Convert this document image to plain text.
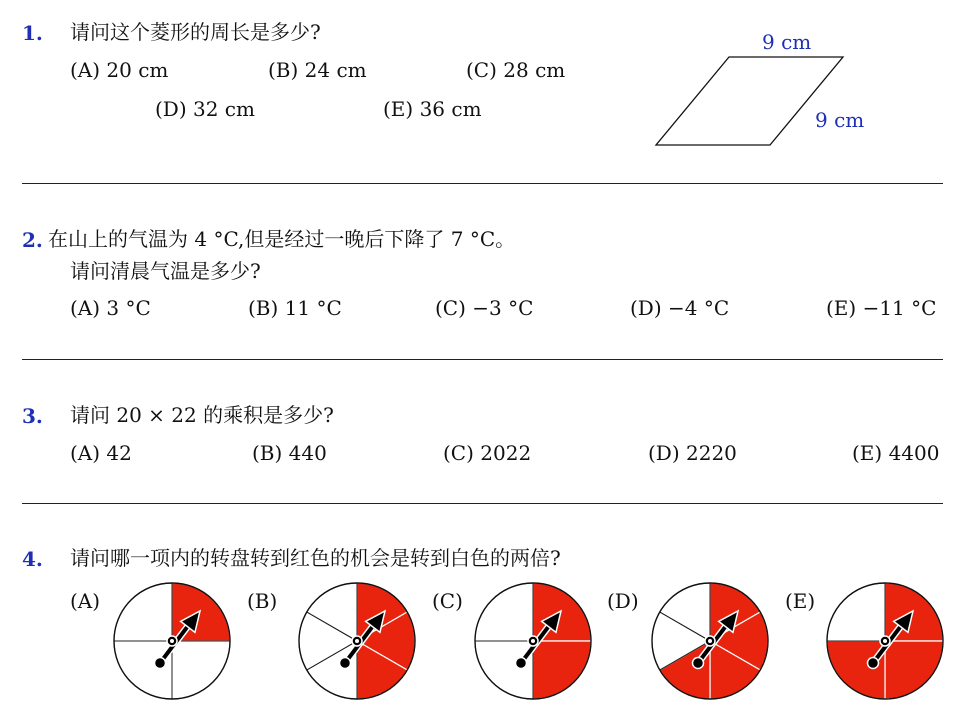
1. 请问这个菱形的周长是多少?
(A) 20 cm	(B) 24 cm	(C) 28 cm
(D) 32 cm	(E) 36 cm
9 cm
9 cm
2. 在山上的气温为 4 °C,但是经过一晚后下降了 7 °C。
请问清晨气温是多少?
(A) 3 °C	(B) 11 °C	(C) −3 °C	(D) −4 °C	(E) −11 °C
3. 请问 20 × 22 的乘积是多少?
(A) 42	(B) 440	(C) 2022	(D) 2220	(E) 4400
4. 请问哪一项内的转盘转到红色的机会是转到白色的两倍?
(A)	(B)	(C)	(D)	(E)
